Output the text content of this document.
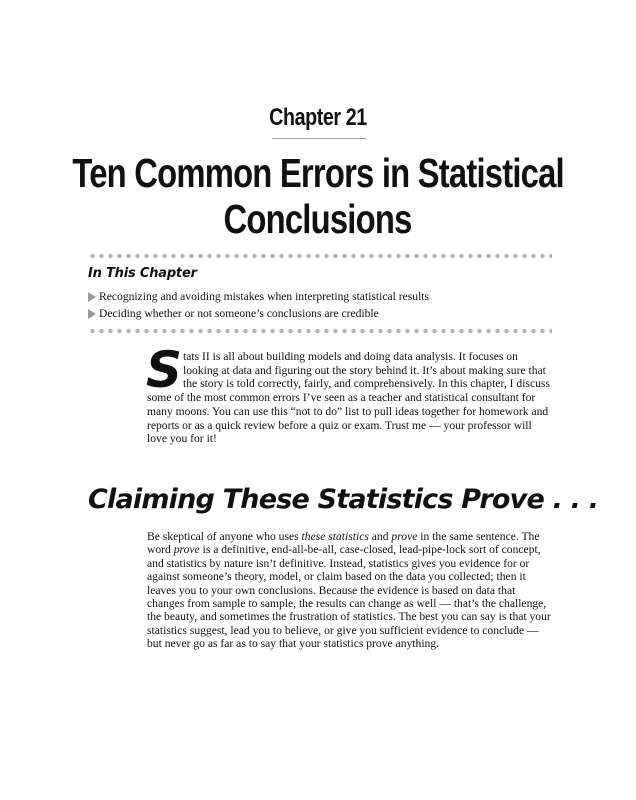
Chapter 21
Ten Common Errors in Statistical
Conclusions
In This Chapter
Recognizing and avoiding mistakes when interpreting statistical results
Deciding whether or not someone’s conclusions are credible
Stats II is all about building models and doing data analysis. It focuses on looking at data and figuring out the story behind it. It’s about making sure that the story is told correctly, fairly, and comprehensively. In this chapter, I discuss some of the most common errors I’ve seen as a teacher and statistical consultant for many moons. You can use this “not to do” list to pull ideas together for homework and reports or as a quick review before a quiz or exam. Trust me — your professor will love you for it!
Claiming These Statistics Prove . . .
Be skeptical of anyone who uses these statistics and prove in the same sentence. The word prove is a definitive, end-all-be-all, case-closed, lead-pipe-lock sort of concept, and statistics by nature isn’t definitive. Instead, statistics gives you evidence for or against someone’s theory, model, or claim based on the data you collected; then it leaves you to your own conclusions. Because the evidence is based on data that changes from sample to sample, the results can change as well — that’s the challenge, the beauty, and sometimes the frustration of statistics. The best you can say is that your statistics suggest, lead you to believe, or give you sufficient evidence to conclude — but never go as far as to say that your statistics prove anything.
